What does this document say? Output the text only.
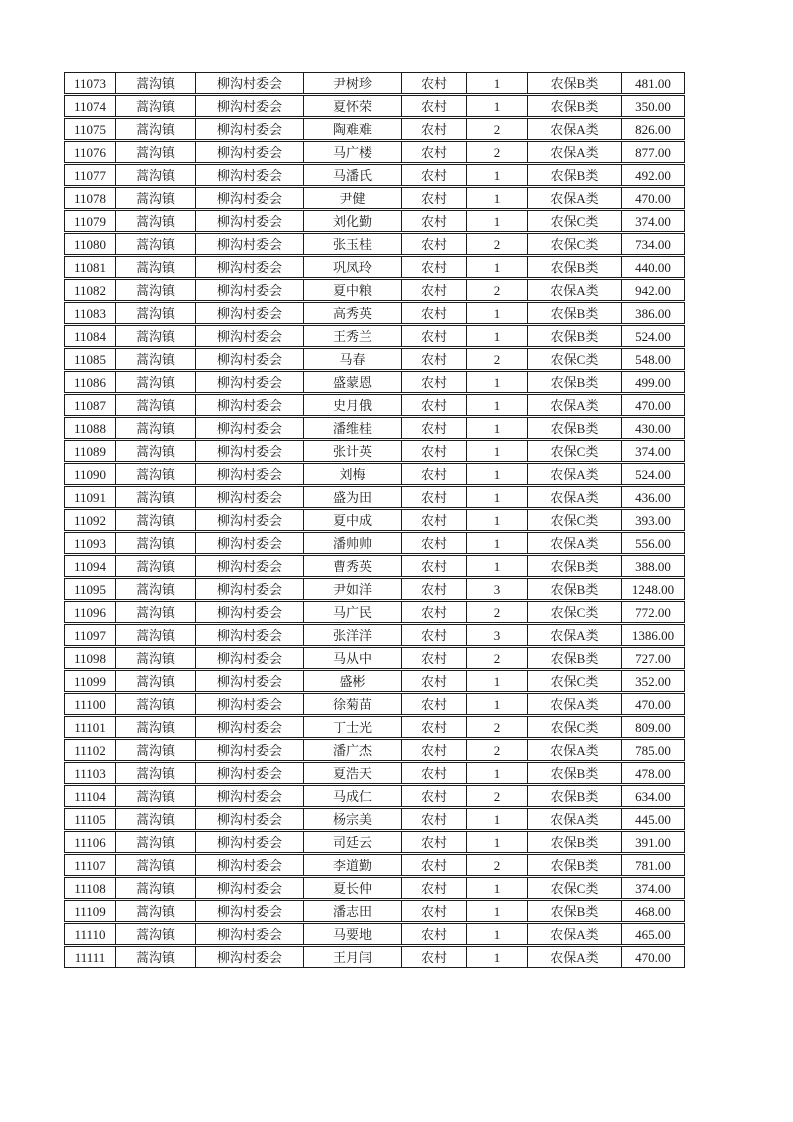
11073	蒿沟镇	柳沟村委会	尹树珍	农村	1	农保B类	481.00
11074	蒿沟镇	柳沟村委会	夏怀荣	农村	1	农保B类	350.00
11075	蒿沟镇	柳沟村委会	陶难难	农村	2	农保A类	826.00
11076	蒿沟镇	柳沟村委会	马广楼	农村	2	农保A类	877.00
11077	蒿沟镇	柳沟村委会	马潘氏	农村	1	农保B类	492.00
11078	蒿沟镇	柳沟村委会	尹健	农村	1	农保A类	470.00
11079	蒿沟镇	柳沟村委会	刘化勤	农村	1	农保C类	374.00
11080	蒿沟镇	柳沟村委会	张玉桂	农村	2	农保C类	734.00
11081	蒿沟镇	柳沟村委会	巩凤玲	农村	1	农保B类	440.00
11082	蒿沟镇	柳沟村委会	夏中粮	农村	2	农保A类	942.00
11083	蒿沟镇	柳沟村委会	高秀英	农村	1	农保B类	386.00
11084	蒿沟镇	柳沟村委会	王秀兰	农村	1	农保B类	524.00
11085	蒿沟镇	柳沟村委会	马春	农村	2	农保C类	548.00
11086	蒿沟镇	柳沟村委会	盛蒙恩	农村	1	农保B类	499.00
11087	蒿沟镇	柳沟村委会	史月俄	农村	1	农保A类	470.00
11088	蒿沟镇	柳沟村委会	潘维桂	农村	1	农保B类	430.00
11089	蒿沟镇	柳沟村委会	张计英	农村	1	农保C类	374.00
11090	蒿沟镇	柳沟村委会	刘梅	农村	1	农保A类	524.00
11091	蒿沟镇	柳沟村委会	盛为田	农村	1	农保A类	436.00
11092	蒿沟镇	柳沟村委会	夏中成	农村	1	农保C类	393.00
11093	蒿沟镇	柳沟村委会	潘帅帅	农村	1	农保A类	556.00
11094	蒿沟镇	柳沟村委会	曹秀英	农村	1	农保B类	388.00
11095	蒿沟镇	柳沟村委会	尹如洋	农村	3	农保B类	1248.00
11096	蒿沟镇	柳沟村委会	马广民	农村	2	农保C类	772.00
11097	蒿沟镇	柳沟村委会	张洋洋	农村	3	农保A类	1386.00
11098	蒿沟镇	柳沟村委会	马从中	农村	2	农保B类	727.00
11099	蒿沟镇	柳沟村委会	盛彬	农村	1	农保C类	352.00
11100	蒿沟镇	柳沟村委会	徐菊苗	农村	1	农保A类	470.00
11101	蒿沟镇	柳沟村委会	丁士光	农村	2	农保C类	809.00
11102	蒿沟镇	柳沟村委会	潘广杰	农村	2	农保A类	785.00
11103	蒿沟镇	柳沟村委会	夏浩天	农村	1	农保B类	478.00
11104	蒿沟镇	柳沟村委会	马成仁	农村	2	农保B类	634.00
11105	蒿沟镇	柳沟村委会	杨宗美	农村	1	农保A类	445.00
11106	蒿沟镇	柳沟村委会	司廷云	农村	1	农保B类	391.00
11107	蒿沟镇	柳沟村委会	李道勤	农村	2	农保B类	781.00
11108	蒿沟镇	柳沟村委会	夏长仲	农村	1	农保C类	374.00
11109	蒿沟镇	柳沟村委会	潘志田	农村	1	农保B类	468.00
11110	蒿沟镇	柳沟村委会	马要地	农村	1	农保A类	465.00
11111	蒿沟镇	柳沟村委会	王月闫	农村	1	农保A类	470.00
